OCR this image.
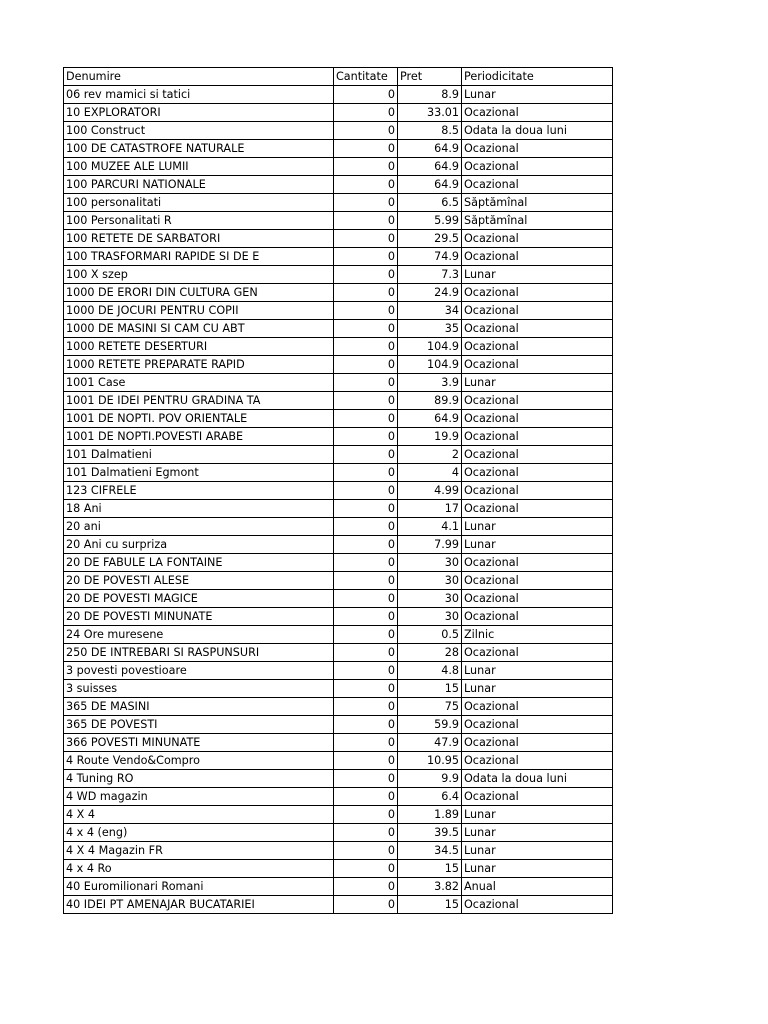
Denumire	Cantitate	Pret	Periodicitate
06 rev mamici si tatici	0	8.9	Lunar
10 EXPLORATORI	0	33.01	Ocazional
100 Construct	0	8.5	Odata la doua luni
100 DE CATASTROFE NATURALE	0	64.9	Ocazional
100 MUZEE ALE LUMII	0	64.9	Ocazional
100 PARCURI NATIONALE	0	64.9	Ocazional
100 personalitati	0	6.5	Săptămînal
100 Personalitati R	0	5.99	Săptămînal
100 RETETE DE SARBATORI	0	29.5	Ocazional
100 TRASFORMARI RAPIDE SI DE E	0	74.9	Ocazional
100 X szep	0	7.3	Lunar
1000 DE ERORI DIN CULTURA GEN	0	24.9	Ocazional
1000 DE JOCURI PENTRU COPII	0	34	Ocazional
1000 DE MASINI SI CAM CU ABT	0	35	Ocazional
1000 RETETE DESERTURI	0	104.9	Ocazional
1000 RETETE PREPARATE RAPID	0	104.9	Ocazional
1001 Case	0	3.9	Lunar
1001 DE IDEI PENTRU GRADINA TA	0	89.9	Ocazional
1001 DE NOPTI. POV ORIENTALE	0	64.9	Ocazional
1001 DE NOPTI.POVESTI ARABE	0	19.9	Ocazional
101 Dalmatieni	0	2	Ocazional
101 Dalmatieni Egmont	0	4	Ocazional
123 CIFRELE	0	4.99	Ocazional
18 Ani	0	17	Ocazional
20 ani	0	4.1	Lunar
20 Ani cu surpriza	0	7.99	Lunar
20 DE FABULE LA FONTAINE	0	30	Ocazional
20 DE POVESTI ALESE	0	30	Ocazional
20 DE POVESTI MAGICE	0	30	Ocazional
20 DE POVESTI MINUNATE	0	30	Ocazional
24 Ore muresene	0	0.5	Zilnic
250 DE INTREBARI SI RASPUNSURI	0	28	Ocazional
3 povesti povestioare	0	4.8	Lunar
3 suisses	0	15	Lunar
365 DE MASINI	0	75	Ocazional
365 DE POVESTI	0	59.9	Ocazional
366 POVESTI MINUNATE	0	47.9	Ocazional
4 Route Vendo&Compro	0	10.95	Ocazional
4 Tuning RO	0	9.9	Odata la doua luni
4 WD magazin	0	6.4	Ocazional
4 X 4	0	1.89	Lunar
4 x 4 (eng)	0	39.5	Lunar
4 X 4 Magazin FR	0	34.5	Lunar
4 x 4 Ro	0	15	Lunar
40 Euromilionari Romani	0	3.82	Anual
40 IDEI PT AMENAJAR BUCATARIEI	0	15	Ocazional
